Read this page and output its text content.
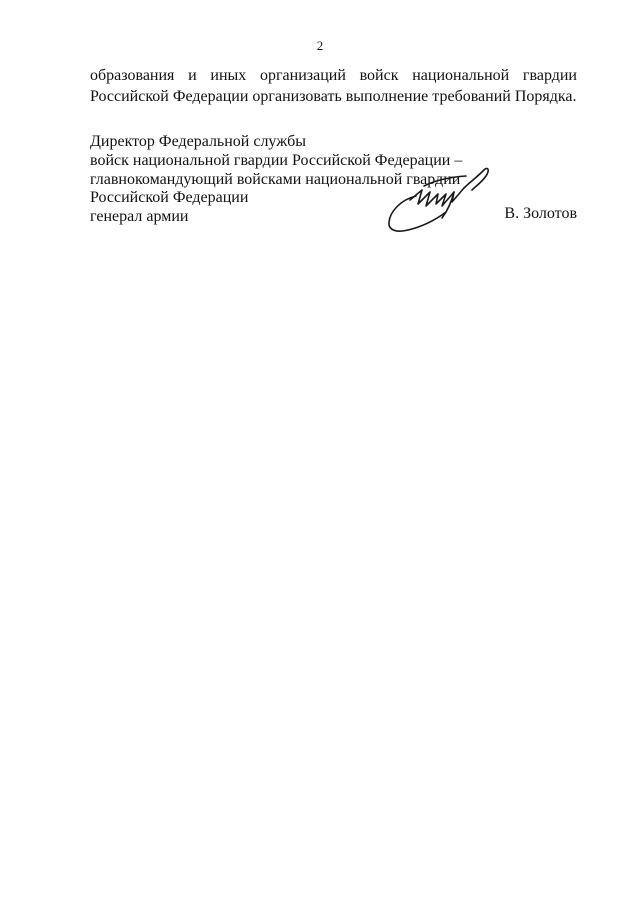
2

образования и иных организаций войск национальной гвардии
Российской Федерации организовать выполнение требований Порядка.

Директор Федеральной службы
войск национальной гвардии Российской Федерации –
главнокомандующий войсками национальной гвардии
Российской Федерации
генерал армии	В. Золотов
